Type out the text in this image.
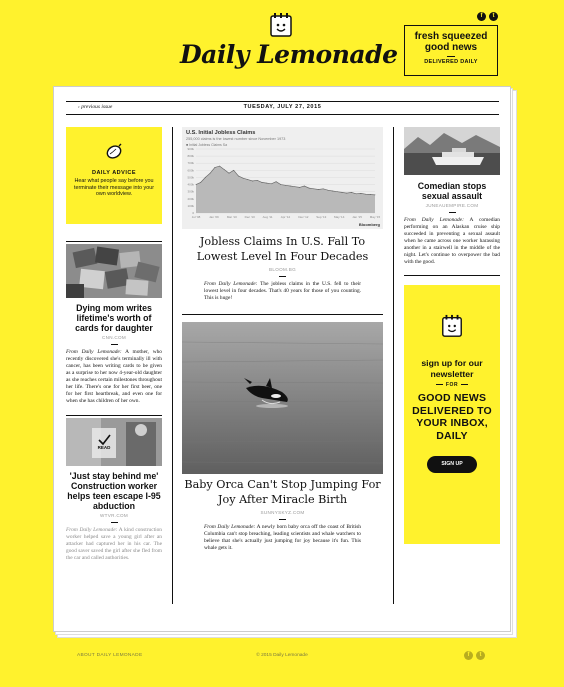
Daily Lemonade
f	t
fresh squeezed good news
DELIVERED DAILY
‹ previous issue	TUESDAY, JULY 27, 2015
DAILY ADVICE
Hear what people say before you terminate their message into your own worldview.
Dying mom writes lifetime's worth of cards for daughter
CNN.COM
From Daily Lemonade: A mother, who recently discovered she's terminally ill with cancer, has been writing cards to be given as a surprise to her now 4-year-old daughter as she reaches certain milestones throughout her life. There's one for her first beer, one for her first heartbreak, and even one for when she has children of her own.
READ
'Just stay behind me' Construction worker helps teen escape I-95 abduction
WTVR.COM
From Daily Lemonade: A kind construction worker helped save a young girl after an attacker had captured her in his car. The good saver saved the girl after she fled from the car and called authorities.
U.S. Initial Jobless Claims
255,000 claims is the lowest number since November 1973
■ Initial Jobless Claims Sa
900k
800k
700k
600k
500k
400k
300k
200k
100k
0
Jul '08	Jan '09	Mar '10	Dec '10	Aug '11	Apr '12	Dec '12	Sep '13	May '14	Jan '15	May '15
Bloomberg
Jobless Claims In U.S. Fall To Lowest Level In Four Decades
BLOOM.BG
From Daily Lemonade: The jobless claims in the U.S. fell to their lowest level in four decades. That's 40 years for those of you counting. This is huge!
Baby Orca Can't Stop Jumping For Joy After Miracle Birth
SUNNYSKYZ.COM
From Daily Lemonade: A newly born baby orca off the coast of British Columbia can't stop breaching, leading scientists and whale watchers to believe that she's actually just jumping for joy because it's fun. This whale gets it.
Comedian stops sexual assault
JUNEAUEMPIRE.COM
From Daily Lemonade: A comedian performing on an Alaskan cruise ship succeeded in preventing a sexual assault when he came across one worker harassing another in a stairwell in the middle of the night. Let's continue to overpower the bad with the good.
sign up for our newsletter
FOR
GOOD NEWS DELIVERED TO YOUR INBOX, DAILY
SIGN UP
ABOUT DAILY LEMONADE	© 2015 Daily Lemonade	f	t
